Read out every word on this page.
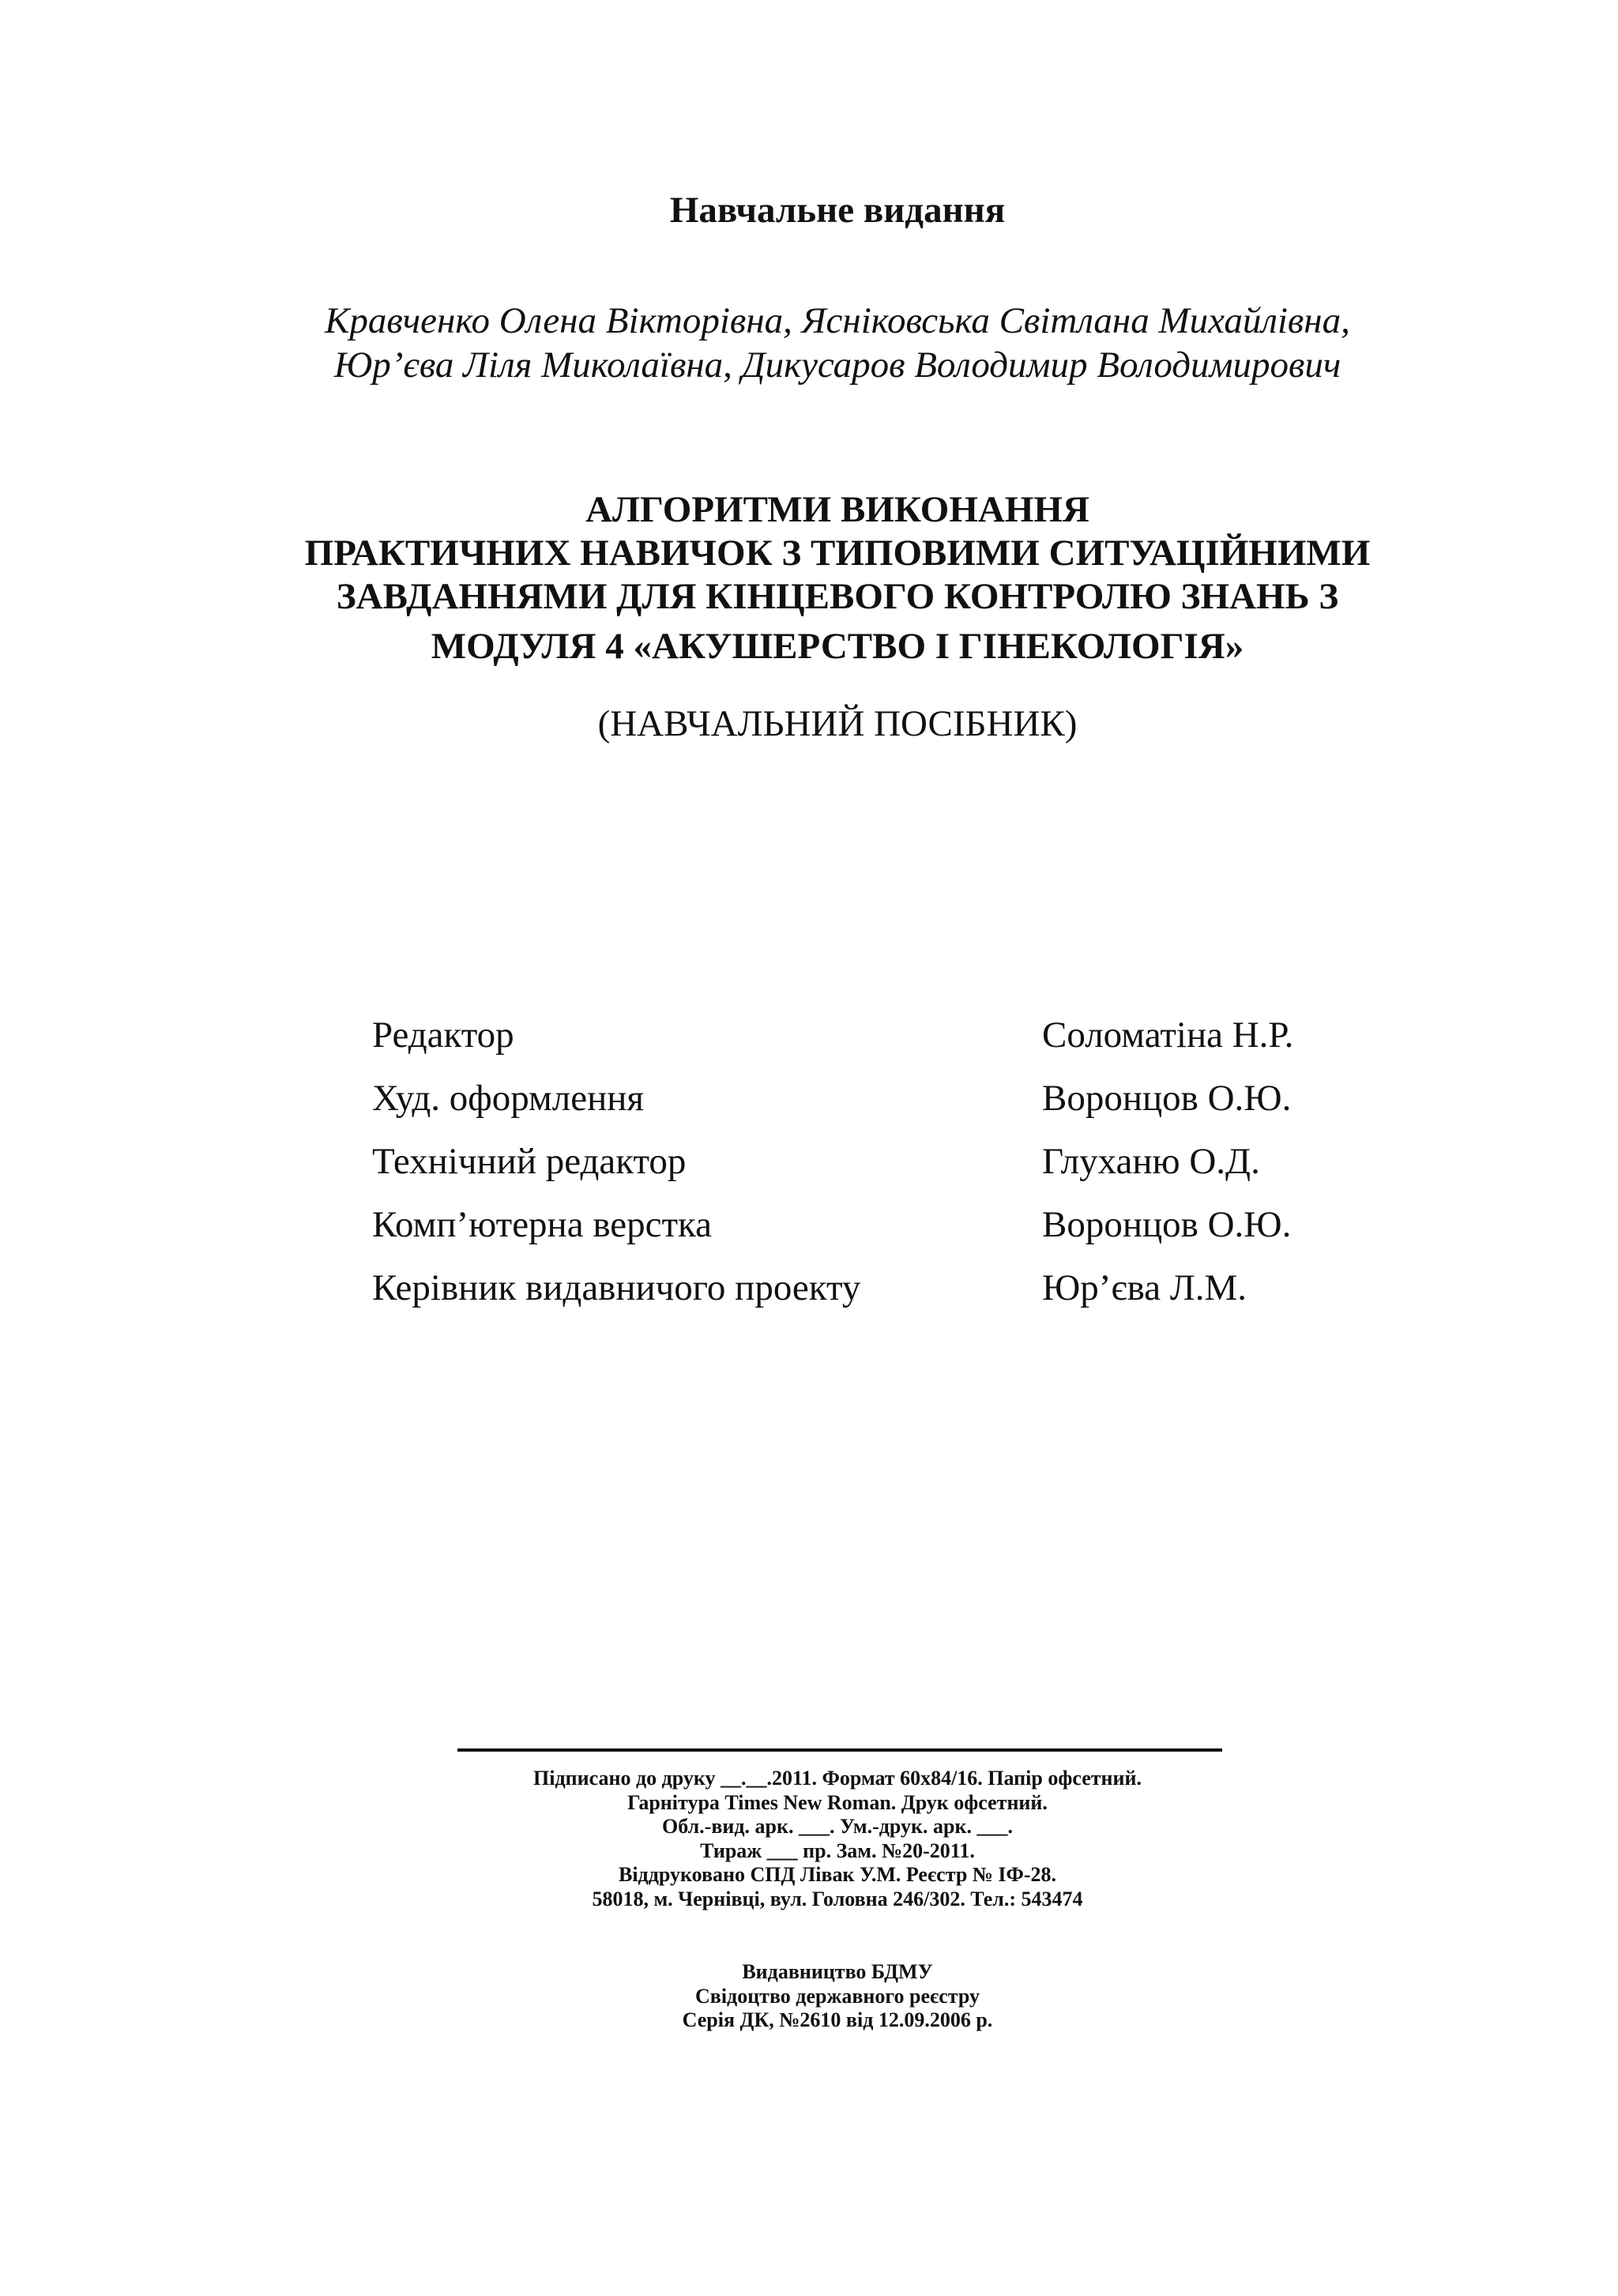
Навчальне видання
Кравченко Олена Вікторівна, Ясніковська Світлана Михайлівна,
Юр’єва Ліля Миколаївна, Дикусаров Володимир Володимирович
АЛГОРИТМИ ВИКОНАННЯ
ПРАКТИЧНИХ НАВИЧОК З ТИПОВИМИ СИТУАЦІЙНИМИ
ЗАВДАННЯМИ ДЛЯ КІНЦЕВОГО КОНТРОЛЮ ЗНАНЬ З
МОДУЛЯ 4 «АКУШЕРСТВО І ГІНЕКОЛОГІЯ»
(НАВЧАЛЬНИЙ ПОСІБНИК)
Редактор	Соломатіна Н.Р.
Худ. оформлення	Воронцов О.Ю.
Технічний редактор	Глуханю О.Д.
Комп’ютерна верстка	Воронцов О.Ю.
Керівник видавничого проекту	Юр’єва Л.М.
Підписано до друку __.__.2011. Формат 60х84/16. Папір офсетний.
Гарнітура Times New Roman. Друк офсетний.
Обл.-вид. арк. ___. Ум.-друк. арк. ___.
Тираж ___ пр. Зам. №20-2011.
Віддруковано СПД Лівак У.М. Реєстр № ІФ-28.
58018, м. Чернівці, вул. Головна 246/302. Тел.: 543474
Видавництво БДМУ
Свідоцтво державного реєстру
Серія ДК, №2610 від 12.09.2006 р.
